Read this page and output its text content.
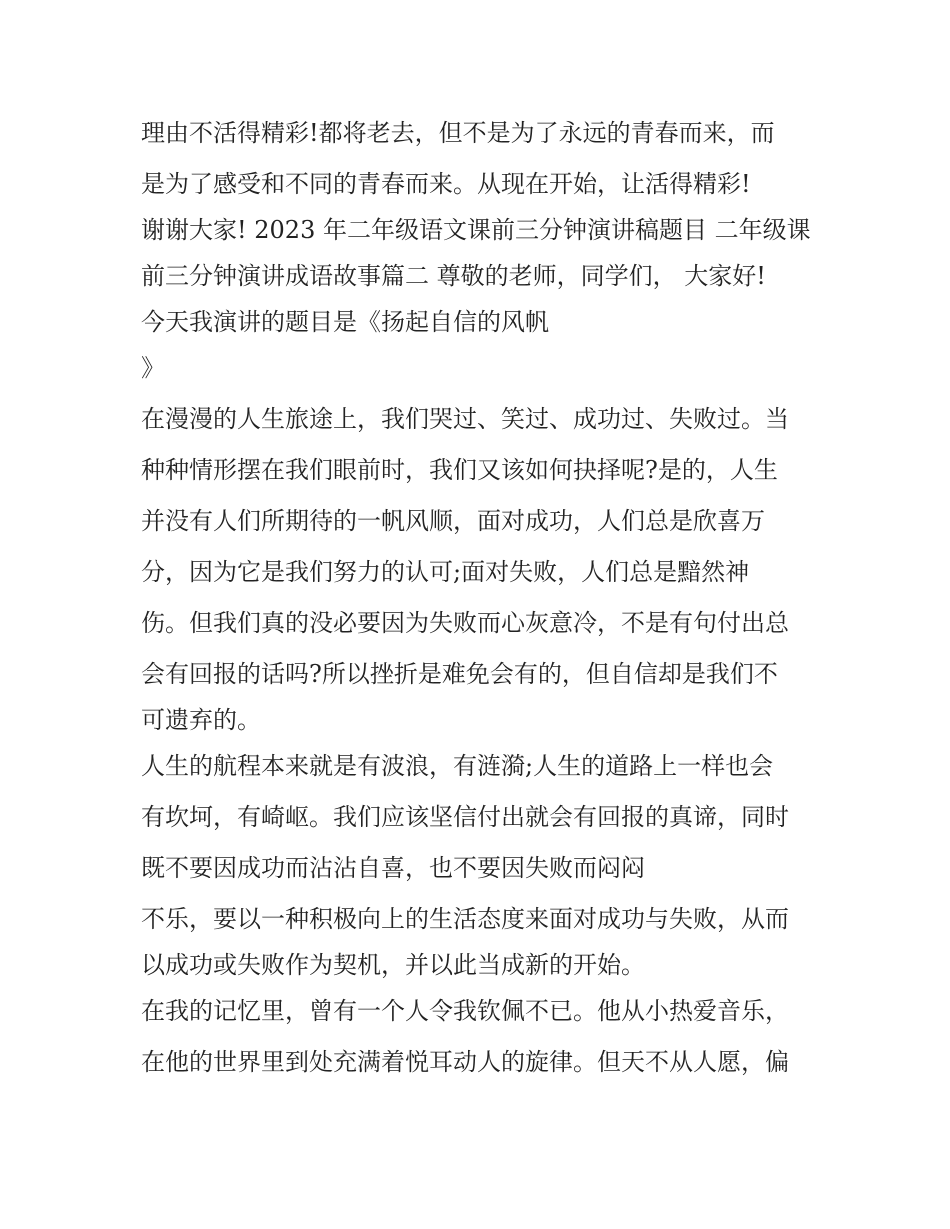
理由不活得精彩!都将老去，但不是为了永远的青春而来，而
是为了感受和不同的青春而来。从现在开始，让活得精彩!
谢谢大家! 2023 年二年级语文课前三分钟演讲稿题目 二年级课
前三分钟演讲成语故事篇二 尊敬的老师，同学们， 大家好!
今天我演讲的题目是《扬起自信的风帆
》
在漫漫的人生旅途上，我们哭过、笑过、成功过、失败过。当
种种情形摆在我们眼前时，我们又该如何抉择呢?是的，人生
并没有人们所期待的一帆风顺，面对成功，人们总是欣喜万
分，因为它是我们努力的认可;面对失败，人们总是黯然神
伤。但我们真的没必要因为失败而心灰意冷，不是有句付出总
会有回报的话吗?所以挫折是难免会有的，但自信却是我们不
可遗弃的。
人生的航程本来就是有波浪，有涟漪;人生的道路上一样也会
有坎坷，有崎岖。我们应该坚信付出就会有回报的真谛，同时
既不要因成功而沾沾自喜，也不要因失败而闷闷
不乐，要以一种积极向上的生活态度来面对成功与失败，从而
以成功或失败作为契机，并以此当成新的开始。
在我的记忆里，曾有一个人令我钦佩不已。他从小热爱音乐，
在他的世界里到处充满着悦耳动人的旋律。但天不从人愿，偏
